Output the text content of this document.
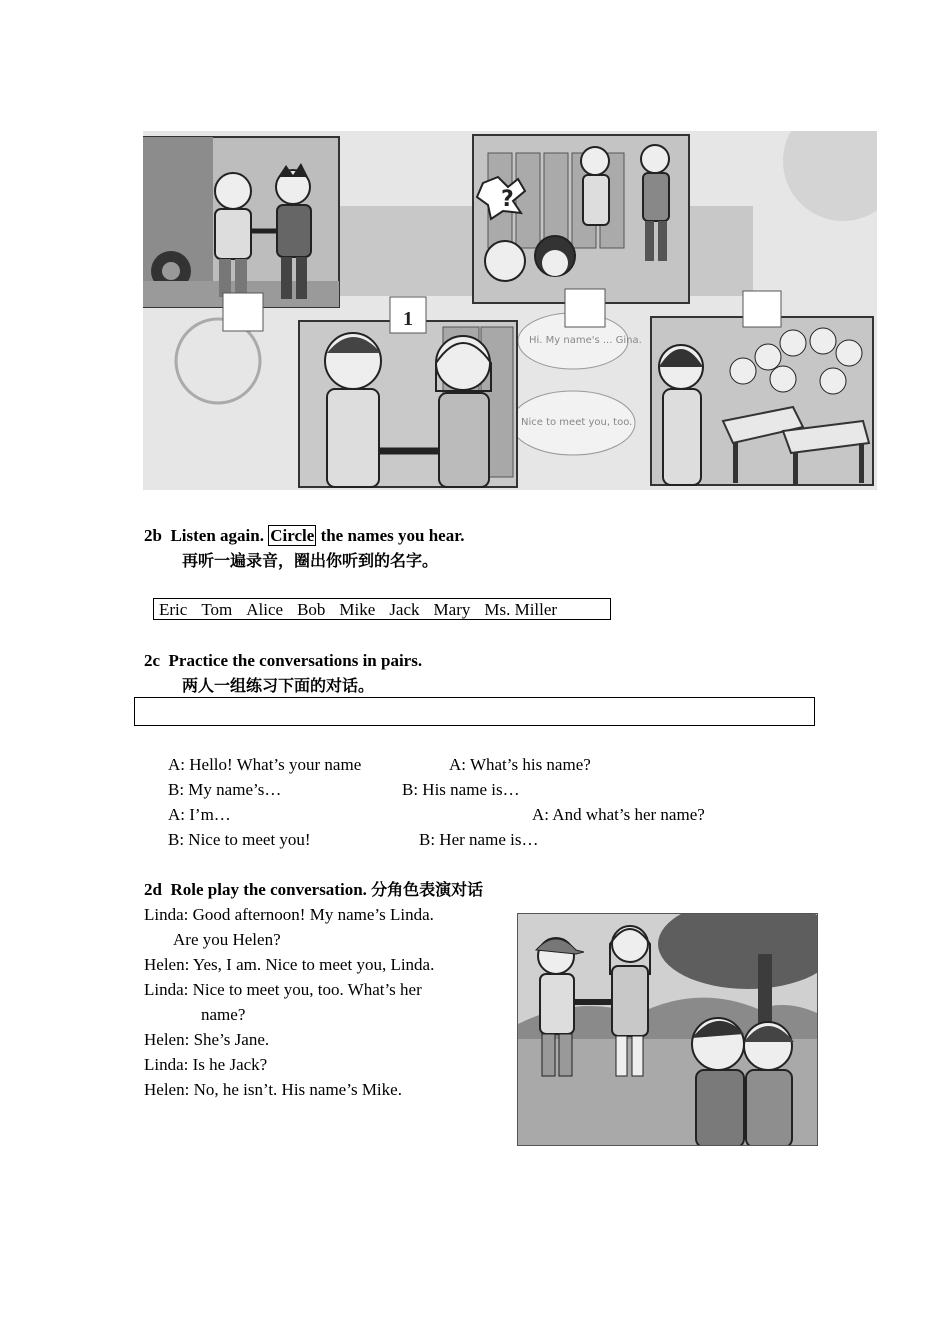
?
1
Hi. My name's ... Gina.
Nice to meet you, too.
2b Listen again. Circle the names you hear.
再听一遍录音，圈出你听到的名字。
Eric Tom Alice Bob Mike Jack Mary Ms. Miller
2c Practice the conversations in pairs.
两人一组练习下面的对话。
A: Hello! What’s your name	A: What’s his name?
B: My name’s…	B: His name is…
A: I’m…	A: And what’s her name?
B: Nice to meet you!	B: Her name is…
2d Role play the conversation. 分角色表演对话
Linda: Good afternoon! My name’s Linda.
Are you Helen?
Helen: Yes, I am. Nice to meet you, Linda.
Linda: Nice to meet you, too. What’s her
name?
Helen: She’s Jane.
Linda: Is he Jack?
Helen: No, he isn’t. His name’s Mike.
